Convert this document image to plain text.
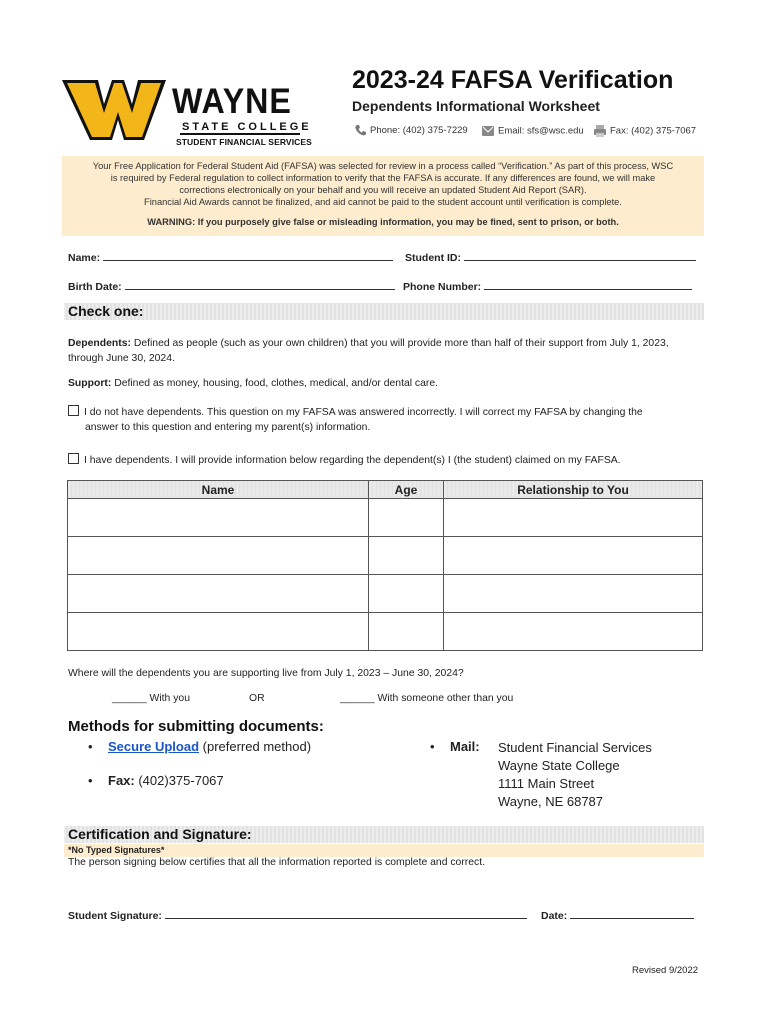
WAYNE
STATE COLLEGE
STUDENT FINANCIAL SERVICES
2023-24 FAFSA Verification
Dependents Informational Worksheet
Phone: (402) 375-7229	Email: sfs@wsc.edu	Fax: (402) 375-7067

Your Free Application for Federal Student Aid (FAFSA) was selected for review in a process called “Verification.” As part of this process, WSC

is required by Federal regulation to collect information to verify that the FAFSA is accurate. If any differences are found, we will make

corrections electronically on your behalf and you will receive an updated Student Aid Report (SAR).

Financial Aid Awards cannot be finalized, and aid cannot be paid to the student account until verification is complete.

WARNING: If you purposely give false or misleading information, you may be fined, sent to prison, or both.

Name:	Student ID:
Birth Date:	Phone Number:
Check one:
Dependents: Defined as people (such as your own children) that you will provide more than half of their support from July 1, 2023, through June 30, 2024.
Support: Defined as money, housing, food, clothes, medical, and/or dental care.
I do not have dependents. This question on my FAFSA was answered incorrectly. I will correct my FAFSA by changing the
answer to this question and entering my parent(s) information.
I have dependents. I will provide information below regarding the dependent(s) I (the student) claimed on my FAFSA.
Name	Age	Relationship to You

Where will the dependents you are supporting live from July 1, 2023 – June 30, 2024?
______ With you	OR	______ With someone other than you
Methods for submitting documents:
• Secure Upload (preferred method)
• Fax: (402)375-7067
• Mail: Student Financial Services
Wayne State College
1111 Main Street
Wayne, NE 68787
Certification and Signature:
*No Typed Signatures*
The person signing below certifies that all the information reported is complete and correct.
Student Signature:	Date:
Revised 9/2022
